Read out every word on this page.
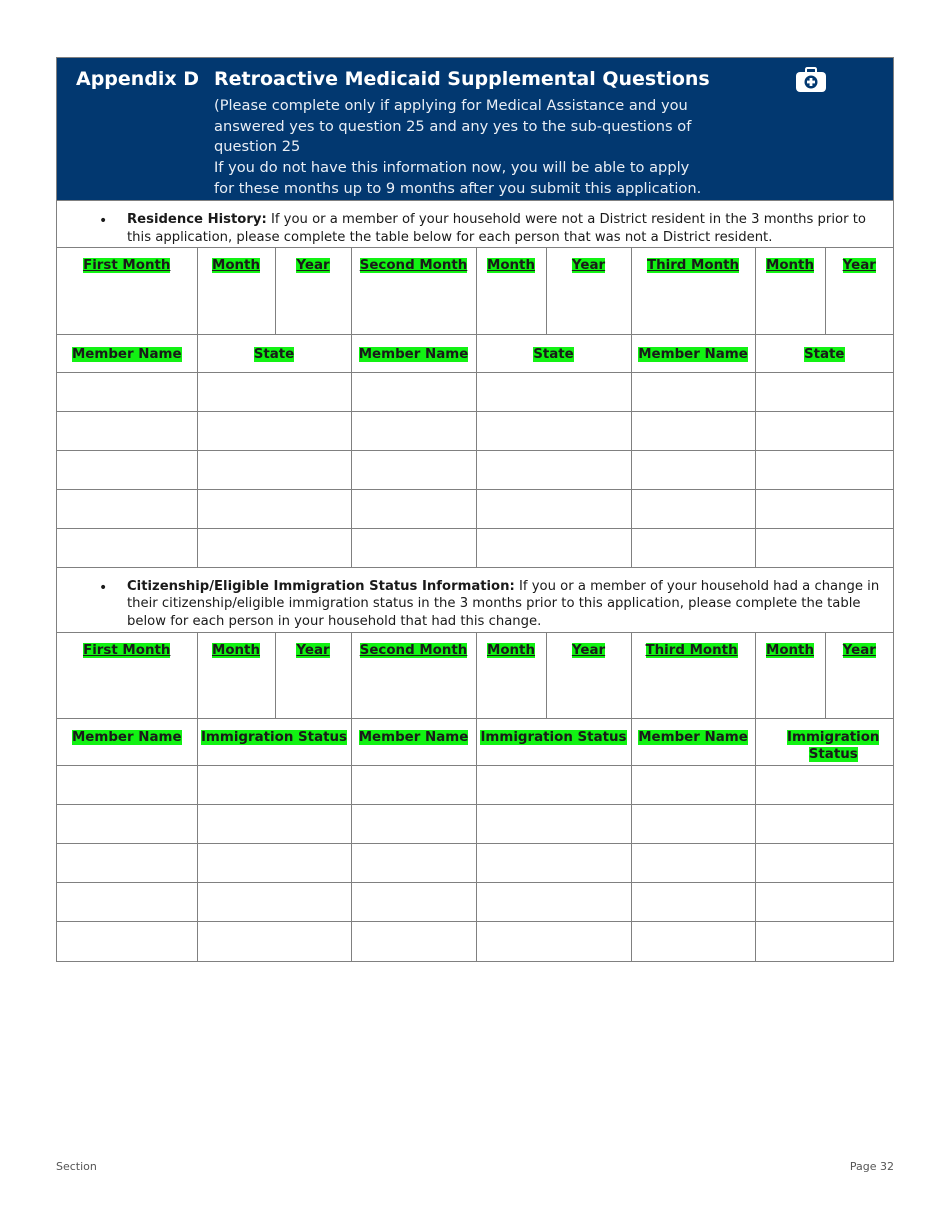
Appendix D Retroactive Medicaid Supplemental Questions
(Please complete only if applying for Medical Assistance and you
answered yes to question 25 and any yes to the sub-questions of
question 25
If you do not have this information now, you will be able to apply
for these months up to 9 months after you submit this application.
• Residence History: If you or a member of your household were not a District resident in the 3 months prior to this application, please complete the table below for each person that was not a District resident.
First Month	Month	Year	Second Month	Month	Year	Third Month	Month	Year
Member Name	State		Member Name	State		Member Name	State	

• Citizenship/Eligible Immigration Status Information: If you or a member of your household had a change in their citizenship/eligible immigration status in the 3 months prior to this application, please complete the table below for each person in your household that had this change.
First Month	Month	Year	Second Month	Month	Year	Third Month	Month	Year
Member Name	Immigration Status		Member Name	Immigration Status		Member Name	Immigration Status	

Section	Page 32
